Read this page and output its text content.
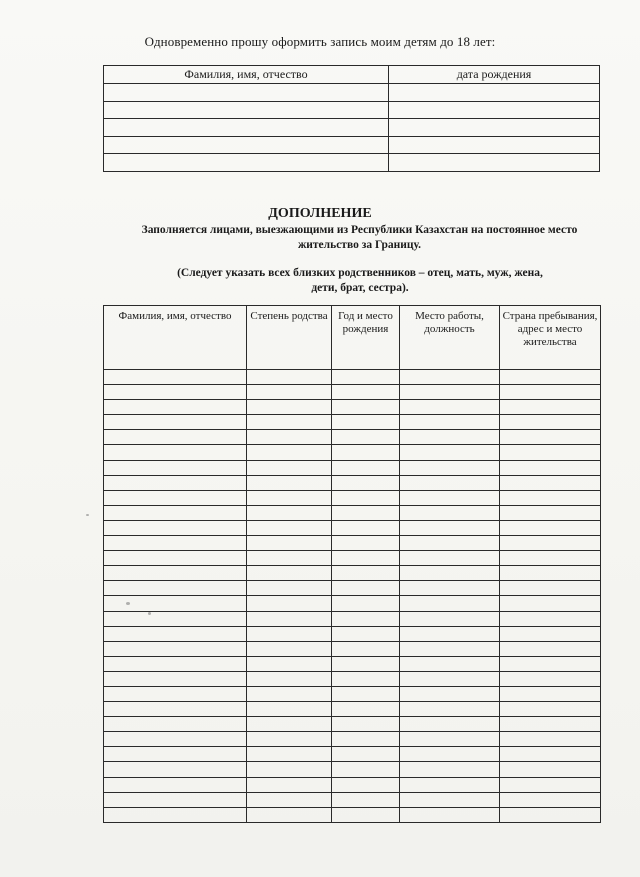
Одновременно прошу оформить запись моим детям до 18 лет:
Фамилия, имя, отчество	дата рождения

ДОПОЛНЕНИЕ
Заполняется лицами, выезжающими из Республики Казахстан на постоянное место жительство за Границу.
(Следует указать всех близких родственников – отец, мать, муж, жена,
дети, брат, сестра).
Фамилия, имя, отчество	Степень родства	Год и место рождения	Место работы, должность	Страна пребывания, адрес и место жительства
